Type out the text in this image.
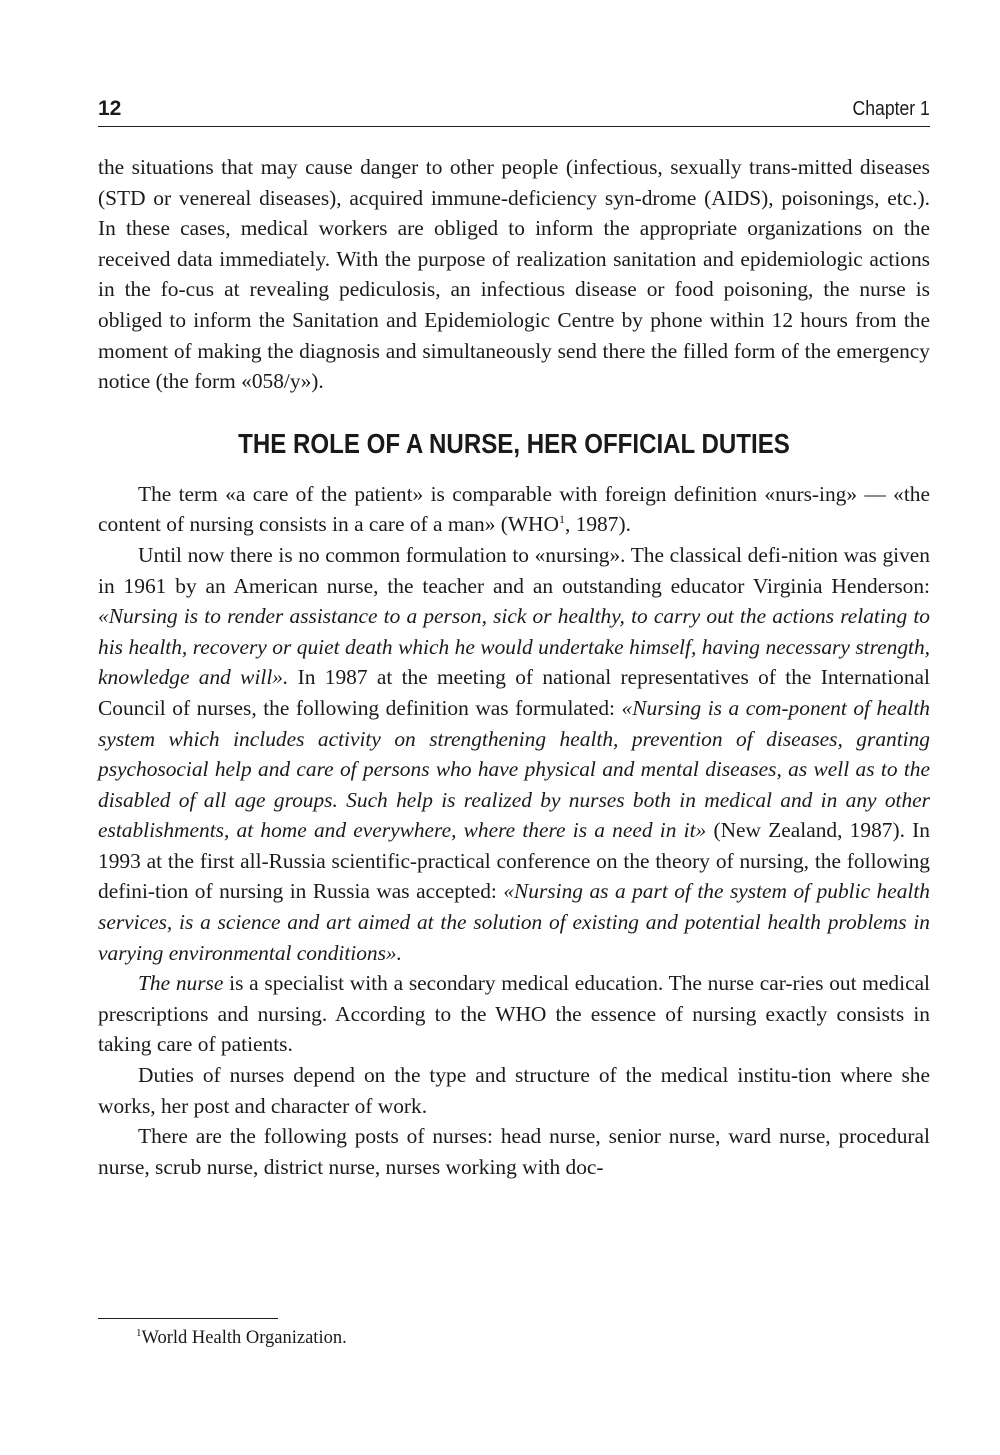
12	Chapter 1

the situations that may cause danger to other people (infectious, sexually trans-mitted diseases (STD or venereal diseases), acquired immune-deficiency syn-drome (AIDS), poisonings, etc.). In these cases, medical workers are obliged to inform the appropriate organizations on the received data immediately. With the purpose of realization sanitation and epidemiologic actions in the fo-cus at revealing pediculosis, an infectious disease or food poisoning, the nurse is obliged to inform the Sanitation and Epidemiologic Centre by phone within 12 hours from the moment of making the diagnosis and simultaneously send there the filled form of the emergency notice (the form «058/y»).

THE ROLE OF A NURSE, HER OFFICIAL DUTIES

The term «a care of the patient» is comparable with foreign definition «nurs-ing» — «the content of nursing consists in a care of a man» (WHO$^1$, 1987).

Until now there is no common formulation to «nursing». The classical defi-nition was given in 1961 by an American nurse, the teacher and an outstanding educator Virginia Henderson: «Nursing is to render assistance to a person, sick or healthy, to carry out the actions relating to his health, recovery or quiet death which he would undertake himself, having necessary strength, knowledge and will». In 1987 at the meeting of national representatives of the International Council of nurses, the following definition was formulated: «Nursing is a com-ponent of health system which includes activity on strengthening health, prevention of diseases, granting psychosocial help and care of persons who have physical and mental diseases, as well as to the disabled of all age groups. Such help is realized by nurses both in medical and in any other establishments, at home and everywhere, where there is a need in it» (New Zealand, 1987). In 1993 at the first all-Russia scientific-practical conference on the theory of nursing, the following defini-tion of nursing in Russia was accepted: «Nursing as a part of the system of public health services, is a science and art aimed at the solution of existing and potential health problems in varying environmental conditions».

The nurse is a specialist with a secondary medical education. The nurse car-ries out medical prescriptions and nursing. According to the WHO the essence of nursing exactly consists in taking care of patients.

Duties of nurses depend on the type and structure of the medical institu-tion where she works, her post and character of work.

There are the following posts of nurses: head nurse, senior nurse, ward nurse, procedural nurse, scrub nurse, district nurse, nurses working with doc-

$^1$World Health Organization.
